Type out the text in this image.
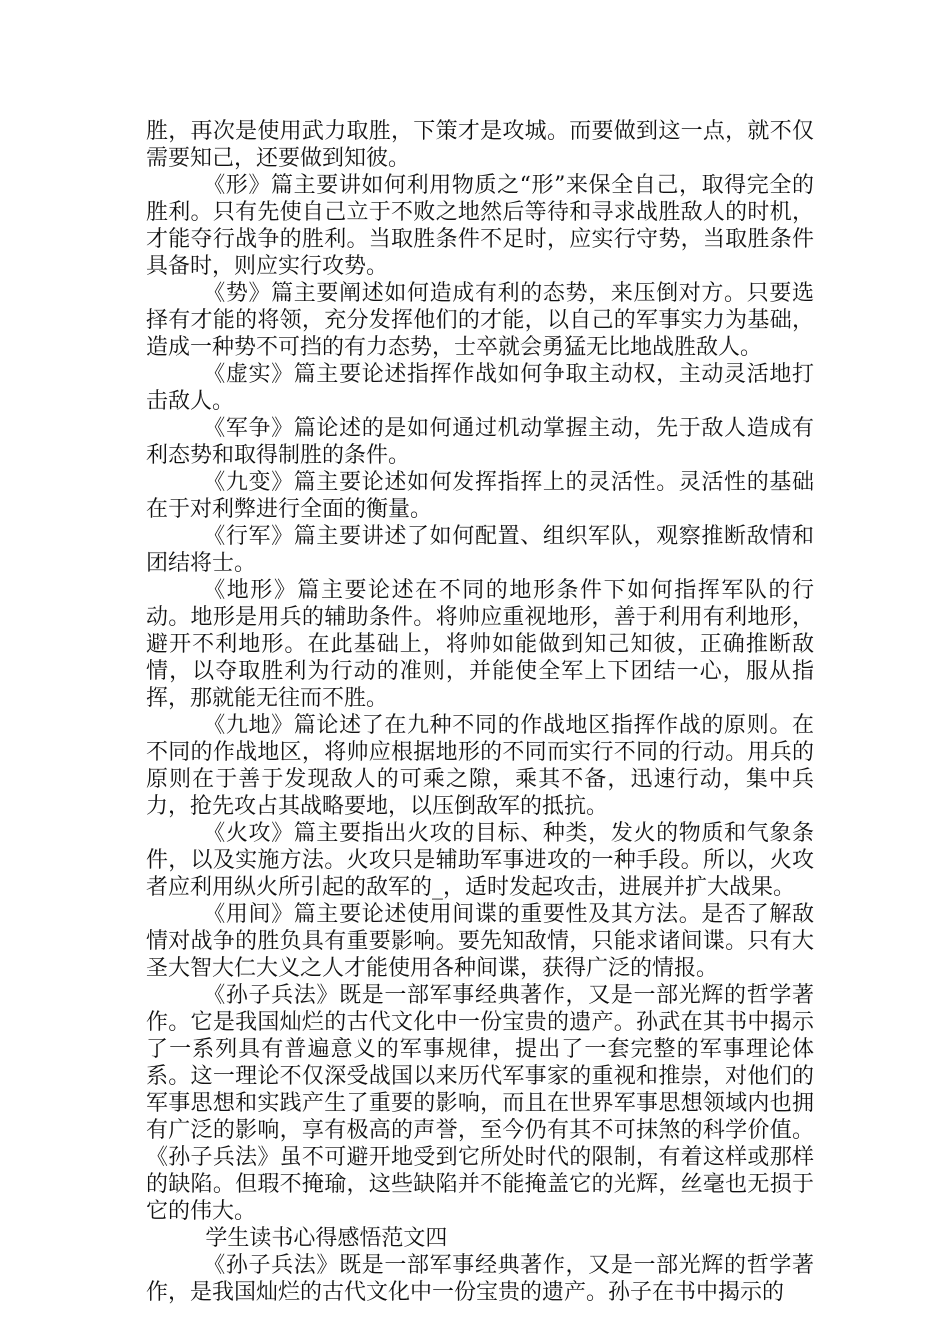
胜，再次是使用武力取胜，下策才是攻城。而要做到这一点，就不仅需要知己，还要做到知彼。

《形》篇主要讲如何利用物质之“形”来保全自己，取得完全的胜利。只有先使自己立于不败之地然后等待和寻求战胜敌人的时机，才能夺行战争的胜利。当取胜条件不足时，应实行守势，当取胜条件具备时，则应实行攻势。

《势》篇主要阐述如何造成有利的态势，来压倒对方。只要选择有才能的将领，充分发挥他们的才能，以自己的军事实力为基础，造成一种势不可挡的有力态势，士卒就会勇猛无比地战胜敌人。

《虚实》篇主要论述指挥作战如何争取主动权，主动灵活地打击敌人。

《军争》篇论述的是如何通过机动掌握主动，先于敌人造成有利态势和取得制胜的条件。

《九变》篇主要论述如何发挥指挥上的灵活性。灵活性的基础在于对利弊进行全面的衡量。

《行军》篇主要讲述了如何配置、组织军队，观察推断敌情和团结将士。

《地形》篇主要论述在不同的地形条件下如何指挥军队的行动。地形是用兵的辅助条件。将帅应重视地形，善于利用有利地形，避开不利地形。在此基础上，将帅如能做到知己知彼，正确推断敌情，以夺取胜利为行动的准则，并能使全军上下团结一心，服从指挥，那就能无往而不胜。

《九地》篇论述了在九种不同的作战地区指挥作战的原则。在不同的作战地区，将帅应根据地形的不同而实行不同的行动。用兵的原则在于善于发现敌人的可乘之隙，乘其不备，迅速行动，集中兵力，抢先攻占其战略要地，以压倒敌军的抵抗。

《火攻》篇主要指出火攻的目标、种类，发火的物质和气象条件，以及实施方法。火攻只是辅助军事进攻的一种手段。所以，火攻者应利用纵火所引起的敌军的_，适时发起攻击，进展并扩大战果。

《用间》篇主要论述使用间谍的重要性及其方法。是否了解敌情对战争的胜负具有重要影响。要先知敌情，只能求诸间谍。只有大圣大智大仁大义之人才能使用各种间谍，获得广泛的情报。

《孙子兵法》既是一部军事经典著作，又是一部光辉的哲学著作。它是我国灿烂的古代文化中一份宝贵的遗产。孙武在其书中揭示了一系列具有普遍意义的军事规律，提出了一套完整的军事理论体系。这一理论不仅深受战国以来历代军事家的重视和推崇，对他们的军事思想和实践产生了重要的影响，而且在世界军事思想领域内也拥有广泛的影响，享有极高的声誉，至今仍有其不可抹煞的科学价值。《孙子兵法》虽不可避开地受到它所处时代的限制，有着这样或那样的缺陷。但瑕不掩瑜，这些缺陷并不能掩盖它的光辉，丝毫也无损于它的伟大。

学生读书心得感悟范文四

《孙子兵法》既是一部军事经典著作，又是一部光辉的哲学著作，是我国灿烂的古代文化中一份宝贵的遗产。孙子在书中揭示的
